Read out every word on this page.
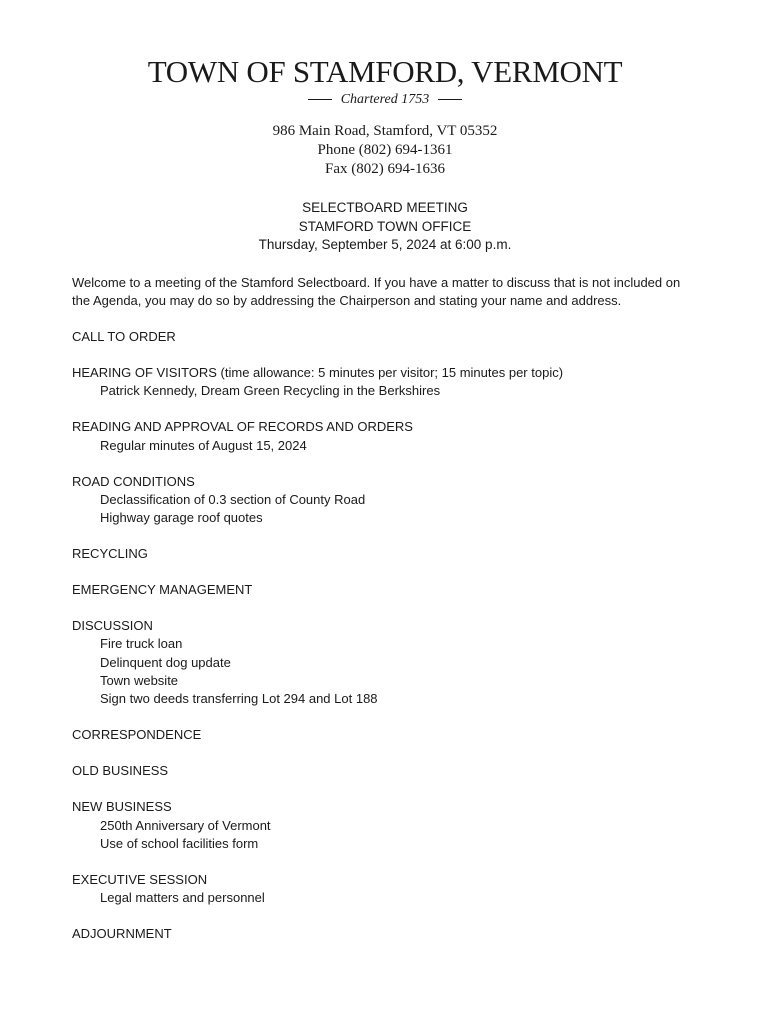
TOWN OF STAMFORD, VERMONT
Chartered 1753
986 Main Road, Stamford, VT 05352
Phone (802) 694-1361
Fax (802) 694-1636
SELECTBOARD MEETING
STAMFORD TOWN OFFICE
Thursday, September 5, 2024 at 6:00 p.m.

Welcome to a meeting of the Stamford Selectboard. If you have a matter to discuss that is not included on the Agenda, you may do so by addressing the Chairperson and stating your name and address.

CALL TO ORDER
HEARING OF VISITORS (time allowance: 5 minutes per visitor; 15 minutes per topic)
Patrick Kennedy, Dream Green Recycling in the Berkshires
READING AND APPROVAL OF RECORDS AND ORDERS
Regular minutes of August 15, 2024
ROAD CONDITIONS
Declassification of 0.3 section of County Road
Highway garage roof quotes
RECYCLING
EMERGENCY MANAGEMENT
DISCUSSION
Fire truck loan
Delinquent dog update
Town website
Sign two deeds transferring Lot 294 and Lot 188
CORRESPONDENCE
OLD BUSINESS
NEW BUSINESS
250th Anniversary of Vermont
Use of school facilities form
EXECUTIVE SESSION
Legal matters and personnel
ADJOURNMENT
